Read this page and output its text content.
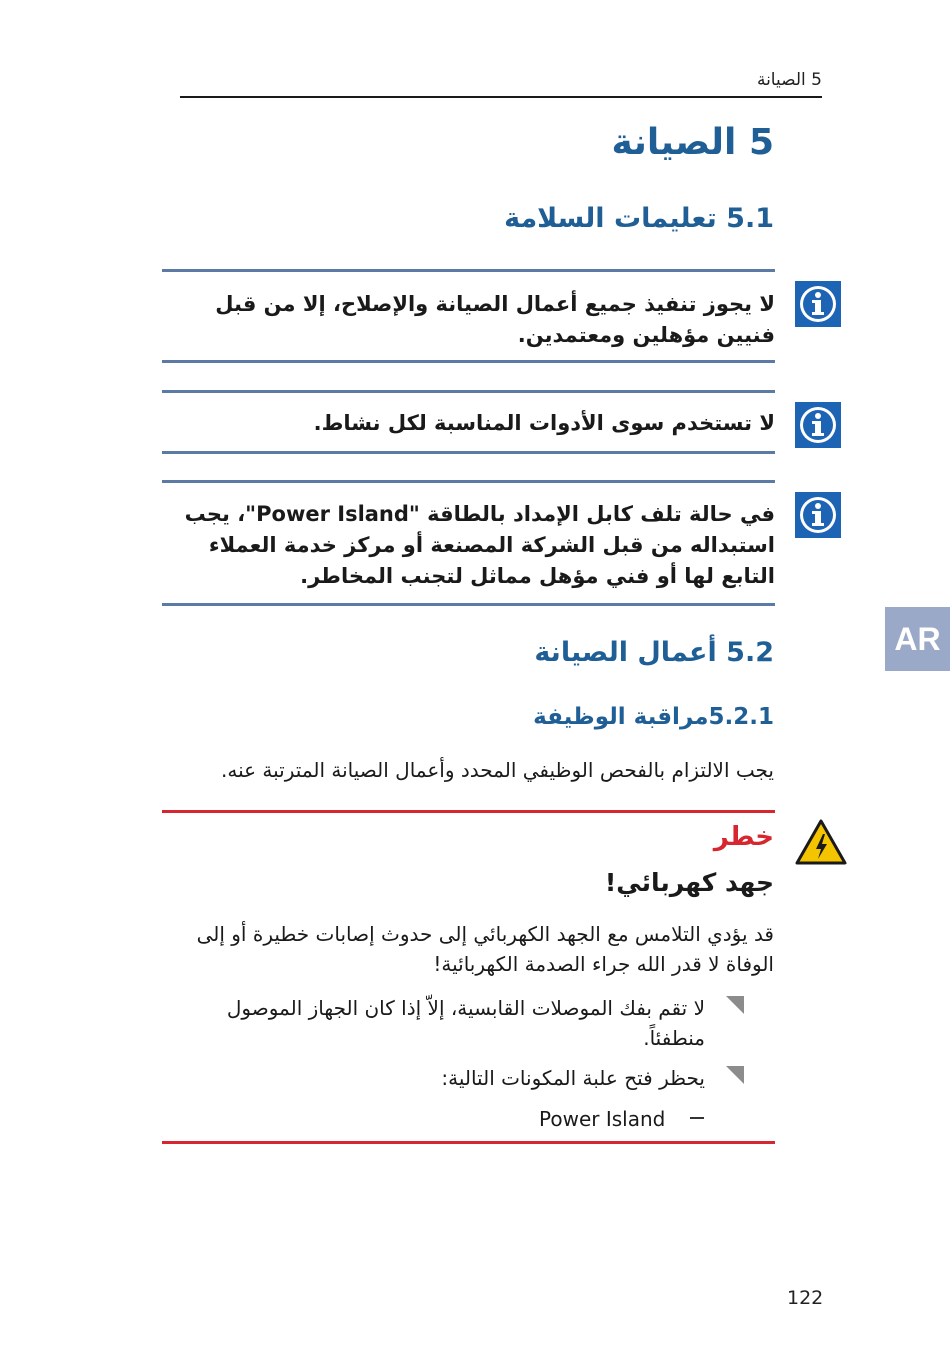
5 الصيانة
5 الصيانة
5.1 تعليمات السلامة
لا يجوز تنفيذ جميع أعمال الصيانة والإصلاح، إلا من قبل فنيين مؤهلين ومعتمدين.
لا تستخدم سوى الأدوات المناسبة لكل نشاط.
في حالة تلف كابل الإمداد بالطاقة "Power Island"، يجب استبداله من قبل الشركة المصنعة أو مركز خدمة العملاء التابع لها أو فني مؤهل مماثل لتجنب المخاطر.
AR
5.2 أعمال الصيانة
5.2.1مراقبة الوظيفة
يجب الالتزام بالفحص الوظيفي المحدد وأعمال الصيانة المترتبة عنه.
خطر
جهد كهربائي!
قد يؤدي التلامس مع الجهد الكهربائي إلى حدوث إصابات خطيرة أو إلى الوفاة لا قدر الله جراء الصدمة الكهربائية!
لا تقم بفك الموصلات القابسية، إلاّ إذا كان الجهاز الموصول منطفئاً.
يحظر فتح علبة المكونات التالية:
Power Island
122
